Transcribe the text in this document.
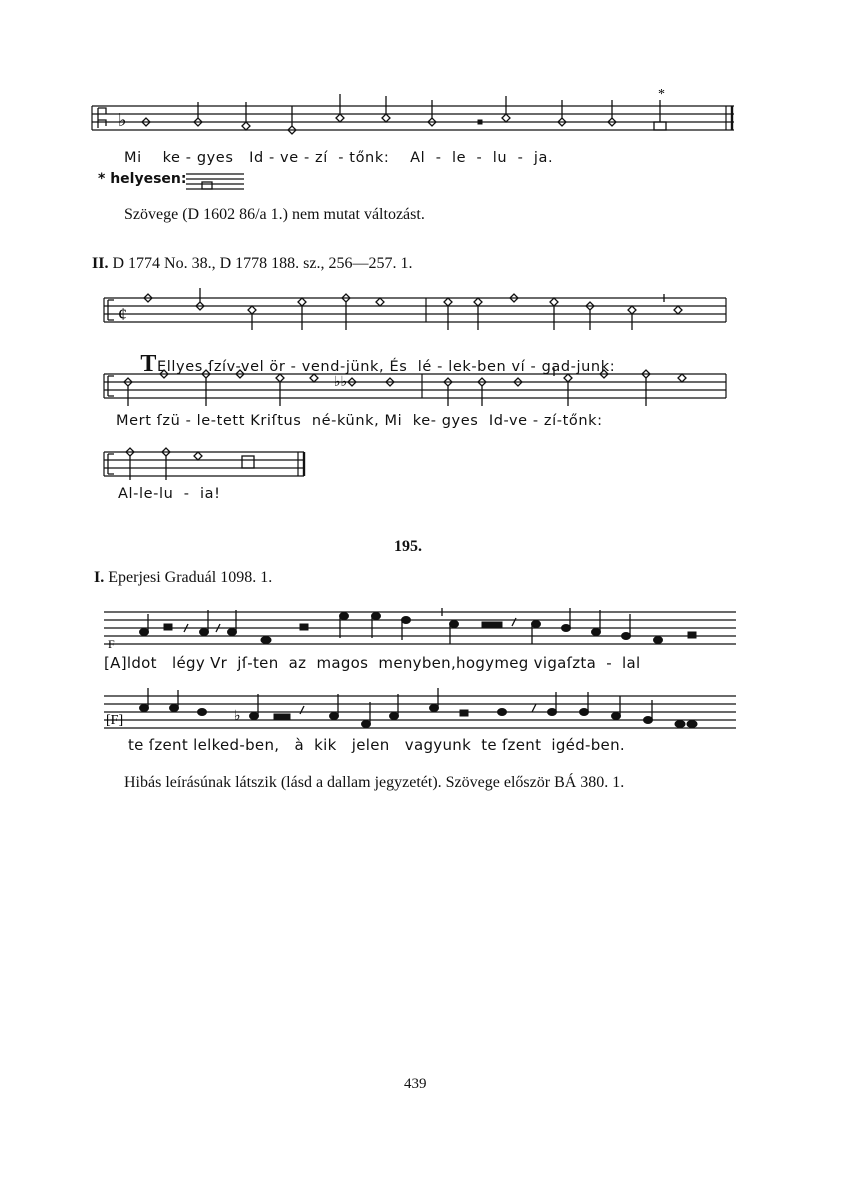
♭
*
Mi    ke - gyes   Id - ve - zí  - tőnk:    Al  -  le  -  lu  -  ja.
* helyesen:
Szövege (D 1602 86/a 1.) nem mutat változást.
II. D 1774 No. 38., D 1778 188. sz., 256—257. 1.
¢

TEllyes ſzív-vel ör - vend-jünk, És  lé - lek-ben ví - gad-junk:

♭♭
Mert ſzü - le-tett Kriſtus  né-künk, Mi  ke- gyes  Id-ve - zí-tőnk:
Al-le-lu  -  ia!
195.
I. Eperjesi Graduál 1098. 1.
F
[A]ldot   légy Vr  jſ-ten  az  magos  menyben,hogymeg vigaſzta  -  lal
[F]	♭
te ſzent lelked-ben,   à  kik   jelen   vagyunk  te ſzent  igéd-ben.
Hibás leírásúnak látszik (lásd a dallam jegyzetét). Szövege először BÁ 380. 1.
439
